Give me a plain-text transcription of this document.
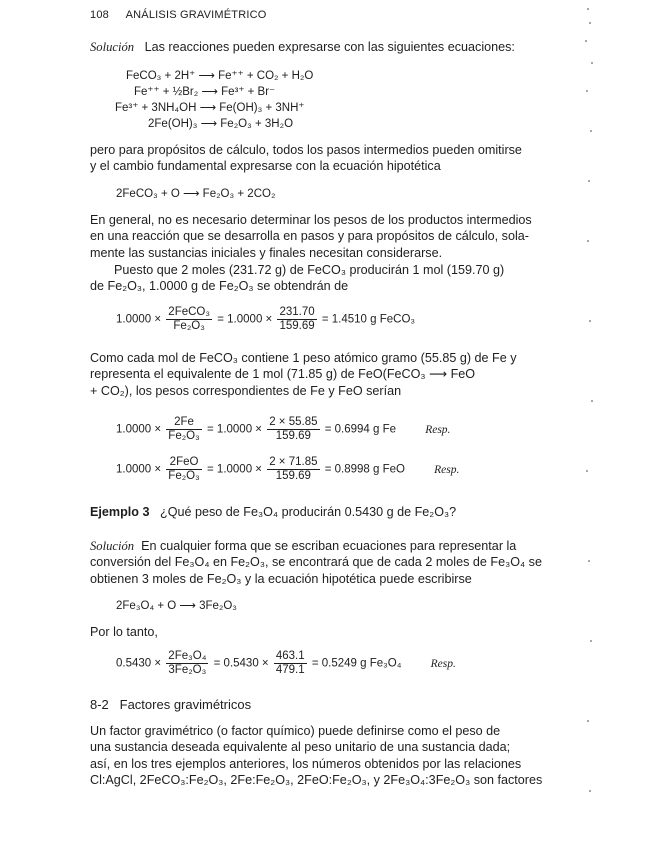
108 ANÁLISIS GRAVIMÉTRICO
Solución Las reacciones pueden expresarse con las siguientes ecuaciones:
FeCO₃ + 2H⁺ ⟶ Fe⁺⁺ + CO₂ + H₂O
Fe⁺⁺ + ½Br₂ ⟶ Fe³⁺ + Br⁻
Fe³⁺ + 3NH₄OH ⟶ Fe(OH)₃ + 3NH⁺
2Fe(OH)₃ ⟶ Fe₂O₃ + 3H₂O
pero para propósitos de cálculo, todos los pasos intermedios pueden omitirse
y el cambio fundamental expresarse con la ecuación hipotética
2FeCO₃ + O ⟶ Fe₂O₃ + 2CO₂
En general, no es necesario determinar los pesos de los productos intermedios
en una reacción que se desarrolla en pasos y para propósitos de cálculo, sola-
mente las sustancias iniciales y finales necesitan considerarse.
Puesto que 2 moles (231.72 g) de FeCO₃ producirán 1 mol (159.70 g)
de Fe₂O₃, 1.0000 g de Fe₂O₃ se obtendrán de
$1.0000 \times \frac{\text{2FeCO₃}}{\text{Fe₂O₃}} = 1.0000 \times \frac{231.70}{159.69} = 1.4510$ g FeCO₃
Como cada mol de FeCO₃ contiene 1 peso atómico gramo (55.85 g) de Fe y
representa el equivalente de 1 mol (71.85 g) de FeO(FeCO₃ ⟶ FeO
+ CO₂), los pesos correspondientes de Fe y FeO serían
$1.0000 \times \frac{2Fe}{\text{Fe₂O₃}} = 1.0000 \times \frac{2 \times 55.85}{159.69} = 0.6994$ g Fe	Resp.
$1.0000 \times \frac{\text{2FeO}}{\text{Fe₂O₃}} = 1.0000 \times \frac{2 \times 71.85}{159.69} = 0.8998$ g FeO	Resp.
Ejemplo 3 ¿Qué peso de Fe₃O₄ producirán 0.5430 g de Fe₂O₃?
Solución En cualquier forma que se escriban ecuaciones para representar la
conversión del Fe₃O₄ en Fe₂O₃, se encontrará que de cada 2 moles de Fe₃O₄ se
obtienen 3 moles de Fe₂O₃ y la ecuación hipotética puede escribirse
2Fe₃O₄ + O ⟶ 3Fe₂O₃
Por lo tanto,
$0.5430 \times \frac{\text{2Fe₃O₄}}{\text{3Fe₂O₃}} = 0.5430 \times \frac{463.1}{479.1} = 0.5249$ g Fe₃O₄	Resp.
8-2 Factores gravimétricos
Un factor gravimétrico (o factor químico) puede definirse como el peso de
una sustancia deseada equivalente al peso unitario de una sustancia dada;
así, en los tres ejemplos anteriores, los números obtenidos por las relaciones
Cl:AgCl, 2FeCO₃:Fe₂O₃, 2Fe:Fe₂O₃, 2FeO:Fe₂O₃, y 2Fe₃O₄:3Fe₂O₃ son factores
